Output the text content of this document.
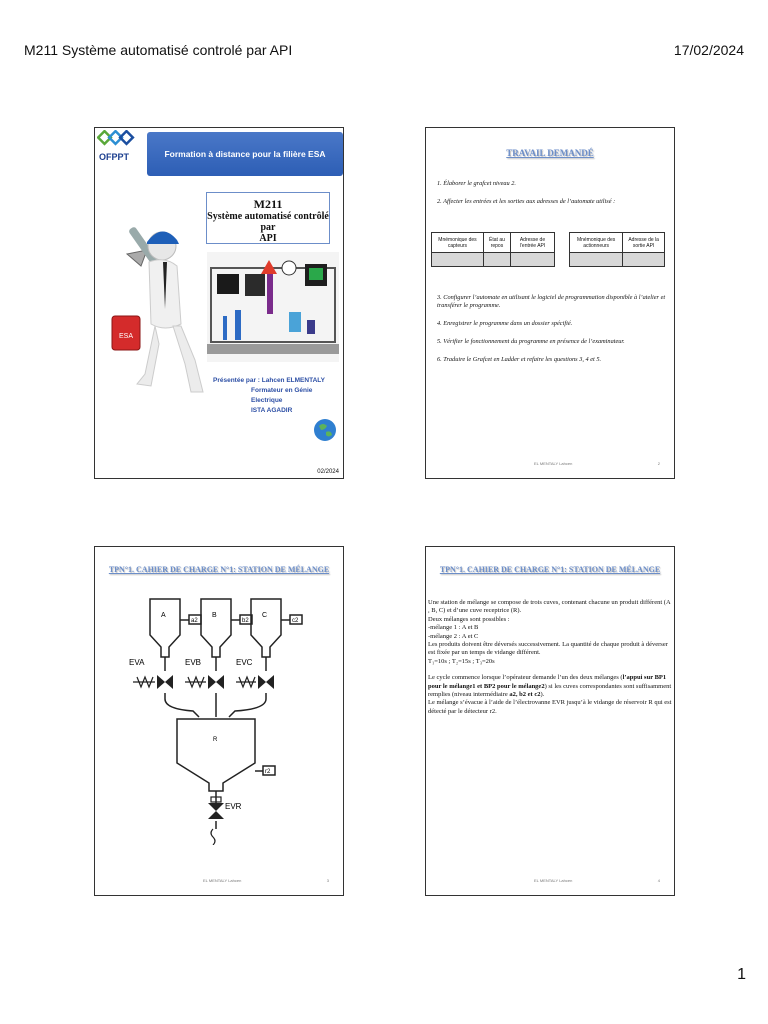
M211 Système automatisé controlé par API	17/02/2024
OFPPT	Formation à distance pour la filière ESA
M211
Système automatisé contrôlé par
API
ESA
Présentée par : Lahcen ELMENTALY
Formateur en Génie Electrique
ISTA AGADIR
02/2024
TRAVAIL DEMANDÉ

1. Élaborer le grafcet niveau 2.

2. Affecter les entrées et les sorties aux adresses de l’automate utilisé :

Mnémonique des capteurs	État au repos	Adresse de l’entrée API

Mnémonique des actionneurs	Adresse de la sortie API

3. Configurer l’automate en utilisant le logiciel de programmation disponible à l’atelier et transférer le programme.

4. Enregistrer le programme dans un dossier spécifié.

5. Vérifier le fonctionnement du programme en présence de l’examinateur.

6. Traduire le Grafcet en Ladder et refaire les questions 3, 4 et 5.

EL MENTALY Lahcen	2
TPN°1. CAHIER DE CHARGE N°1: STATION DE MÉLANGE
A	B	C
a2	b2	c2
EVA	EVB	EVC
R
r2
EVR
EL MENTALY Lahcen	3
TPN°1. CAHIER DE CHARGE N°1: STATION DE MÉLANGE
Une station de mélange se compose de trois cuves, contenant chacune un produit différent (A , B, C) et d’une cuve receptrice (R).
Deux mélanges sont possibles :
-mélange 1 : A et B
-mélange 2 : A et C
Les produits doivent être déversés successivement. La quantité de chaque produit à déverser est fixée par un temps de vidange différent.
T₁=10s ; T₂=15s ; T₃=20s
Le cycle commence lorsque l’opérateur demande l’un des deux mélanges (l’appui sur BP1 pour le mélange1 et BP2 pour le mélange2) si les cuves correspondantes sont suffisamment remplies (niveau intermédiaire a2, b2 et c2).
Le mélange s’évacue à l’aide de l’électrovanne EVR jusqu’à le vidange de réservoir R qui est détecté par le détecteur r2.
EL MENTALY Lahcen	4
1
